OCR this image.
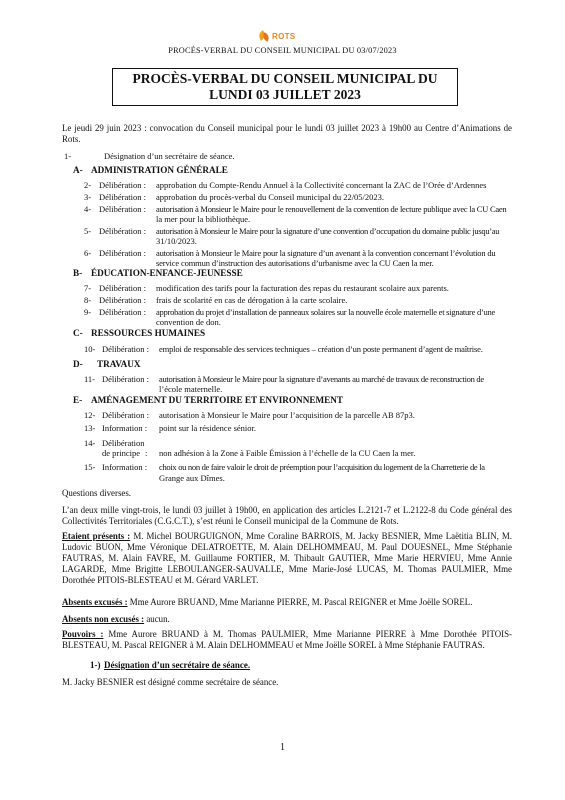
ROTS
PROCÉS-VERBAL DU CONSEIL MUNICIPAL DU 03/07/2023
PROCÈS-VERBAL DU CONSEIL MUNICIPAL DU
LUNDI 03 JUILLET 2023
Le jeudi 29 juin 2023 : convocation du Conseil municipal pour le lundi 03 juillet 2023 à 19h00 au Centre d’Animations de Rots.
1-	Désignation d’un secrétaire de séance.
A- ADMINISTRATION GÉNÉRALE
2- Délibération : approbation du Compte-Rendu Annuel à la Collectivité concernant la ZAC de l’Orée d’Ardennes
3- Délibération : approbation du procès-verbal du Conseil municipal du 22/05/2023.
4- Délibération : autorisation à Monsieur le Maire pour le renouvellement de la convention de lecture publique avec la CU Caen
la mer pour la bibliothèque.
5- Délibération : autorisation à Monsieur le Maire pour la signature d’une convention d’occupation du domaine public jusqu’au
31/10/2023.
6- Délibération : autorisation à Monsieur le Maire pour la signature d’un avenant à la convention concernant l’évolution du
service commun d’instruction des autorisations d’urbanisme avec la CU Caen la mer.
B- ÉDUCATION-ENFANCE-JEUNESSE
7- Délibération : modification des tarifs pour la facturation des repas du restaurant scolaire aux parents.
8- Délibération : frais de scolarité en cas de dérogation à la carte scolaire.
9- Délibération : approbation du projet d’installation de panneaux solaires sur la nouvelle école maternelle et signature d’une
convention de don.
C- RESSOURCES HUMAINES
10- Délibération : emploi de responsable des services techniques – création d’un poste permanent d’agent de maîtrise.
D- TRAVAUX
11- Délibération : autorisation à Monsieur le Maire pour la signature d’avenants au marché de travaux de reconstruction de
l’école maternelle.
E- AMÉNAGEMENT DU TERRITOIRE ET ENVIRONNEMENT
12- Délibération : autorisation à Monsieur le Maire pour l’acquisition de la parcelle AB 87p3.
13- Information : point sur la résidence sénior.
14- Délibération
de principe : non adhésion à la Zone à Faible Émission à l’échelle de la CU Caen la mer.
15- Information : choix ou non de faire valoir le droit de préemption pour l’acquisition du logement de la Charretterie de la
Grange aux Dîmes.
Questions diverses.
L’an deux mille vingt-trois, le lundi 03 juillet à 19h00, en application des articles L.2121-7 et L.2122-8 du Code général des Collectivités Territoriales (C.G.C.T.), s’est réuni le Conseil municipal de la Commune de Rots.
Etaient présents : M. Michel BOURGUIGNON, Mme Coraline BARROIS, M. Jacky BESNIER, Mme Laëtitia BLIN, M. Ludovic BUON, Mme Véronique DELATROETTE, M. Alain DELHOMMEAU, M. Paul DOUESNEL, Mme Stéphanie FAUTRAS, M. Alain FAVRE, M. Guillaume FORTIER, M. Thibault GAUTIER, Mme Marie HERVIEU, Mme Annie LAGARDE, Mme Brigitte LEBOULANGER-SAUVALLE, Mme Marie-José LUCAS, M. Thomas PAULMIER, Mme Dorothée PITOIS-BLESTEAU et M. Gérard VARLET.
Absents excusés : Mme Aurore BRUAND, Mme Marianne PIERRE, M. Pascal REIGNER et Mme Joëlle SOREL.
Absents non excusés : aucun.
Pouvoirs : Mme Aurore BRUAND à M. Thomas PAULMIER, Mme Marianne PIERRE à Mme Dorothée PITOIS-BLESTEAU, M. Pascal REIGNER à M. Alain DELHOMMEAU et Mme Joëlle SOREL à Mme Stéphanie FAUTRAS.
1-) Désignation d’un secrétaire de séance.
M. Jacky BESNIER est désigné comme secrétaire de séance.
1
